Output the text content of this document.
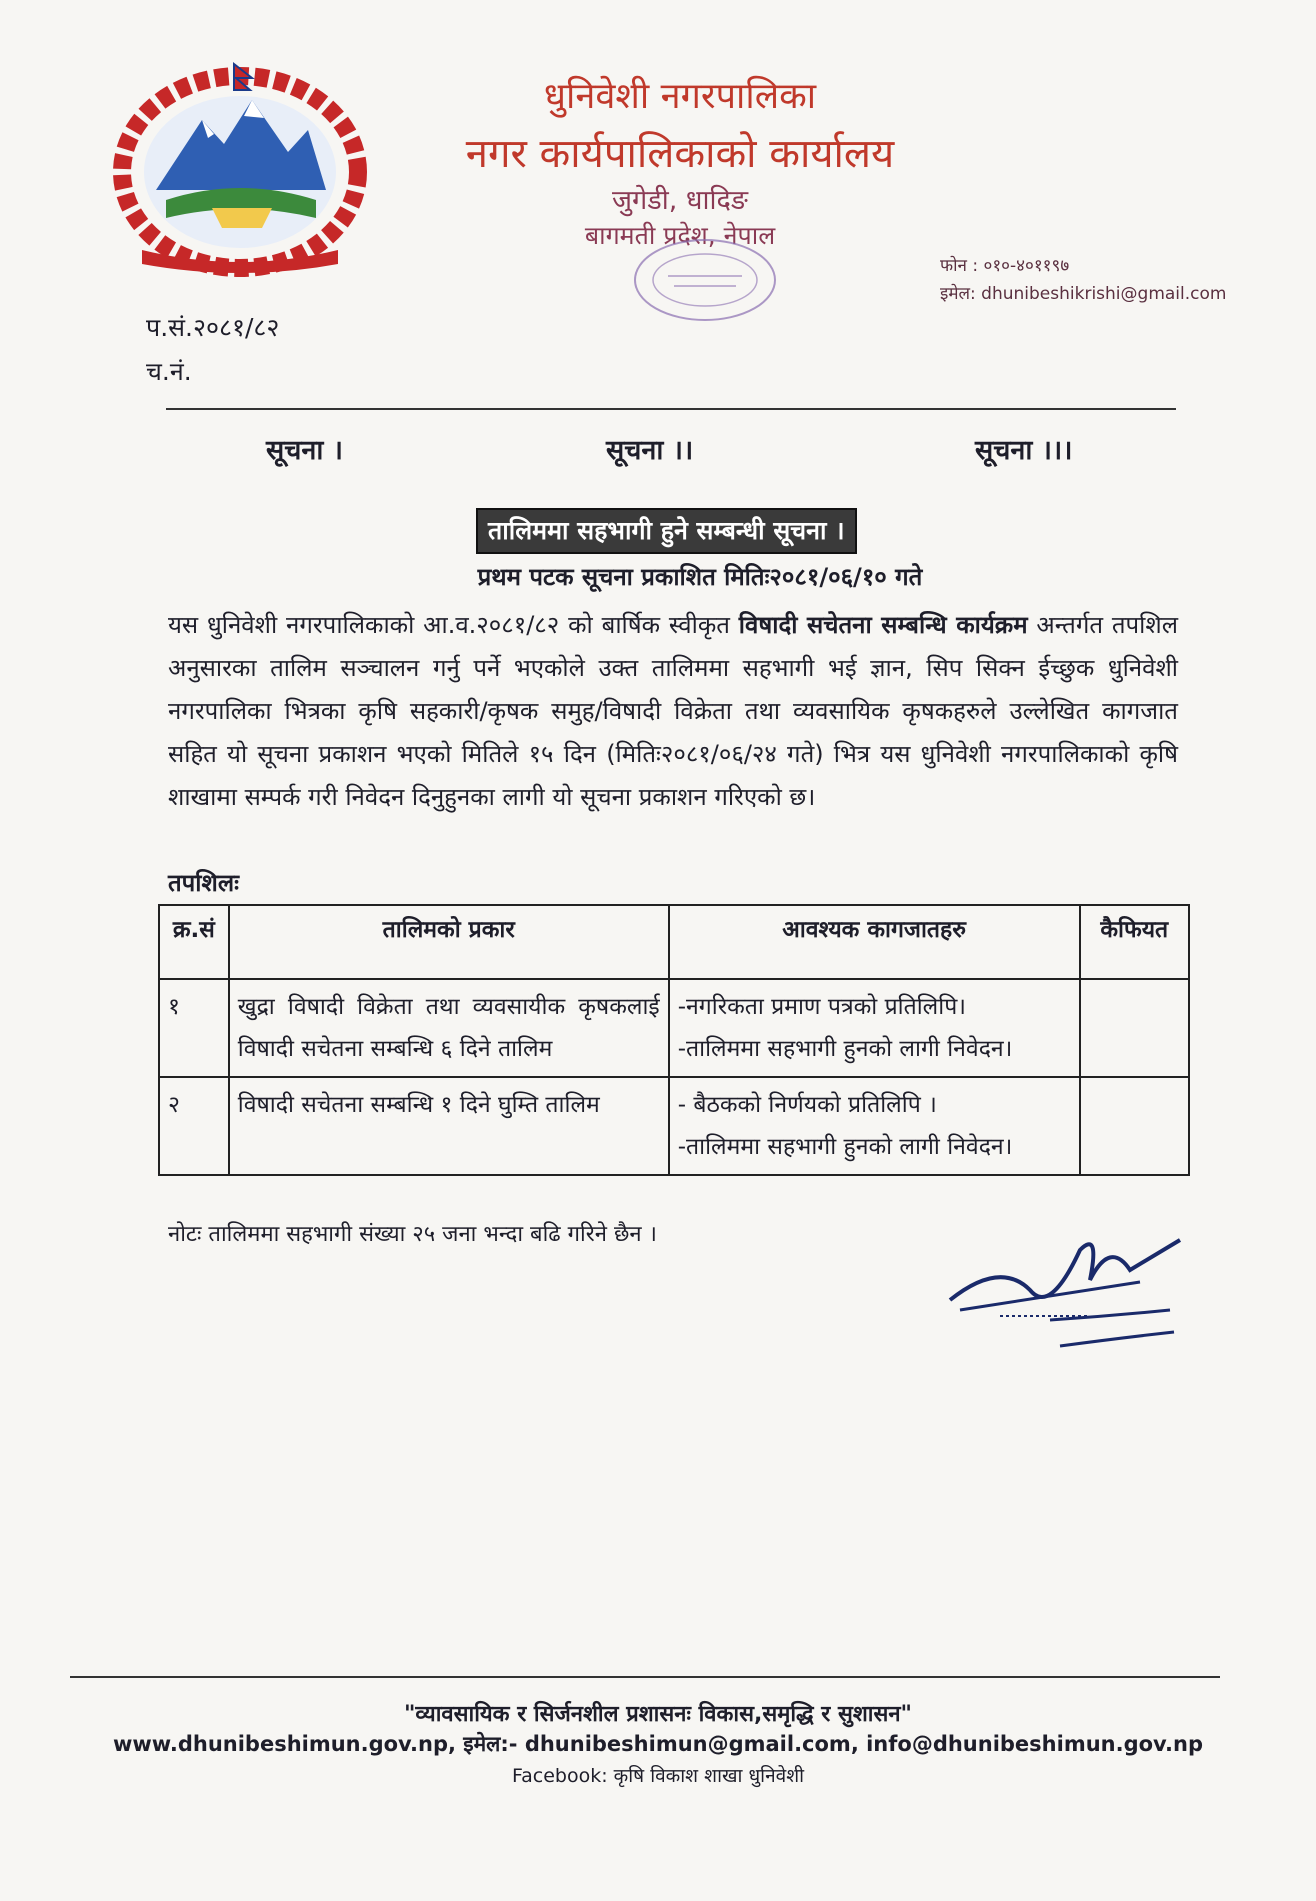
धुनिवेशी नगरपालिका
नगर कार्यपालिकाको कार्यालय
जुगेडी, धादिङ
बागमती प्रदेश, नेपाल
फोन : ०१०-४०११९७
इमेल: dhunibeshikrishi@gmail.com
प.सं.२०८१/८२
च.नं.
सूचना ।	सूचना ।।	सूचना ।।।
तालिममा सहभागी हुने सम्बन्धी सूचना ।
प्रथम पटक सूचना प्रकाशित मितिः२०८१/०६/१० गते
यस धुनिवेशी नगरपालिकाको आ.व.२०८१/८२ को बार्षिक स्वीकृत विषादी सचेतना सम्बन्धि कार्यक्रम अन्तर्गत तपशिल अनुसारका तालिम सञ्चालन गर्नु पर्ने भएकोले उक्त तालिममा सहभागी भई ज्ञान, सिप सिक्न ईच्छुक धुनिवेशी नगरपालिका भित्रका कृषि सहकारी/कृषक समुह/विषादी विक्रेता तथा व्यवसायिक कृषकहरुले उल्लेखित कागजात सहित यो सूचना प्रकाशन भएको मितिले १५ दिन (मितिः२०८१/०६/२४ गते) भित्र यस धुनिवेशी नगरपालिकाको कृषि शाखामा सम्पर्क गरी निवेदन दिनुहुनका लागी यो सूचना प्रकाशन गरिएको छ।
तपशिलः
क्र.सं	तालिमको प्रकार	आवश्यक कागजातहरु	कैफियत
१	खुद्रा विषादी विक्रेता तथा व्यवसायीक कृषकलाई विषादी सचेतना सम्बन्धि ६ दिने तालिम	-नगरिकता प्रमाण पत्रको प्रतिलिपि।
-तालिममा सहभागी हुनको लागी निवेदन।	

२	विषादी सचेतना सम्बन्धि १ दिने घुम्ति तालिम	- बैठकको निर्णयको प्रतिलिपि ।
-तालिममा सहभागी हुनको लागी निवेदन।	

नोटः तालिममा सहभागी संख्या २५ जना भन्दा बढि गरिने छैन ।
"व्यावसायिक र सिर्जनशील प्रशासनः विकास,समृद्धि र सुशासन"
www.dhunibeshimun.gov.np, इमेल:- dhunibeshimun@gmail.com, info@dhunibeshimun.gov.np
Facebook: कृषि विकाश शाखा धुनिवेशी
